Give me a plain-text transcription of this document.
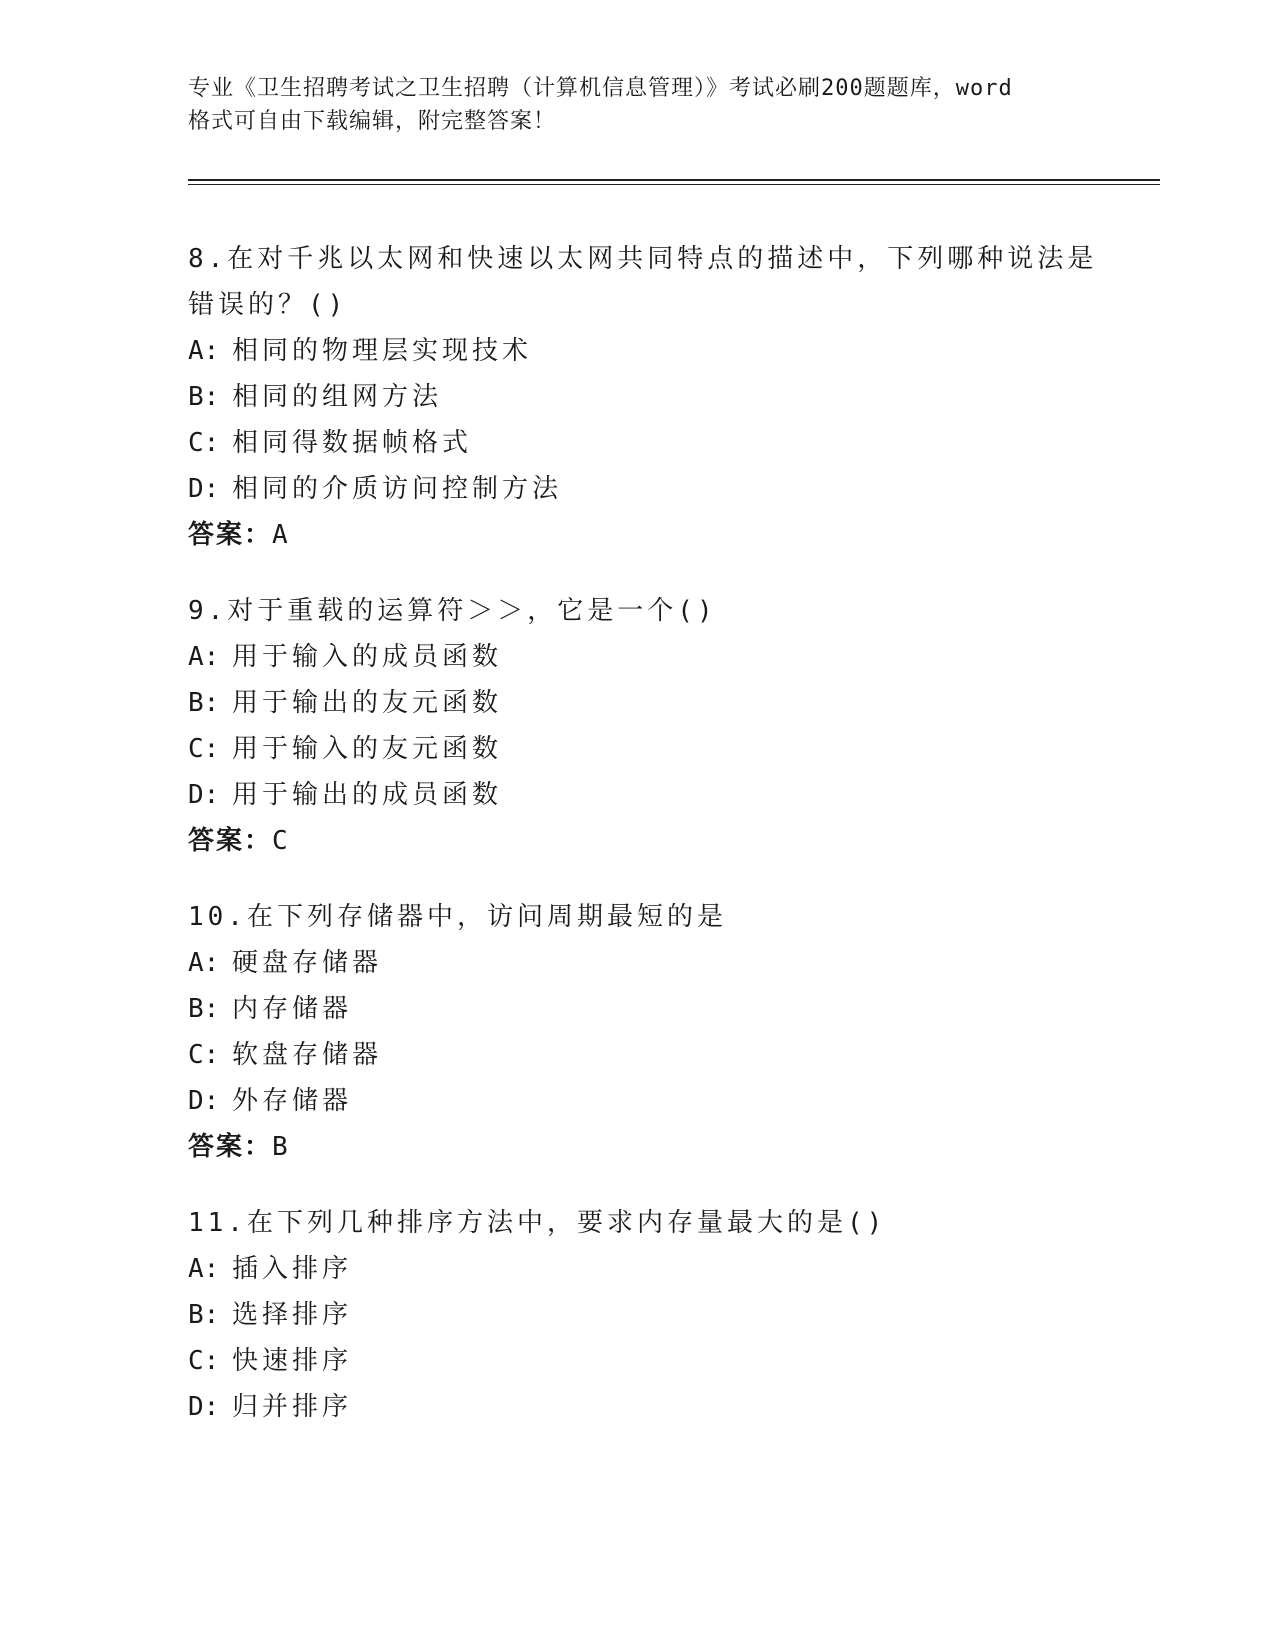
专业《卫生招聘考试之卫生招聘（计算机信息管理）》考试必刷200题题库，word
格式可自由下载编辑，附完整答案！
8.在对千兆以太网和快速以太网共同特点的描述中，下列哪种说法是
错误的？()
A: 相同的物理层实现技术
B: 相同的组网方法
C: 相同得数据帧格式
D: 相同的介质访问控制方法
答案：A
9.对于重载的运算符＞＞，它是一个()
A: 用于输入的成员函数
B: 用于输出的友元函数
C: 用于输入的友元函数
D: 用于输出的成员函数
答案：C
10.在下列存储器中，访问周期最短的是
A: 硬盘存储器
B: 内存储器
C: 软盘存储器
D: 外存储器
答案：B
11.在下列几种排序方法中，要求内存量最大的是()
A: 插入排序
B: 选择排序
C: 快速排序
D: 归并排序
